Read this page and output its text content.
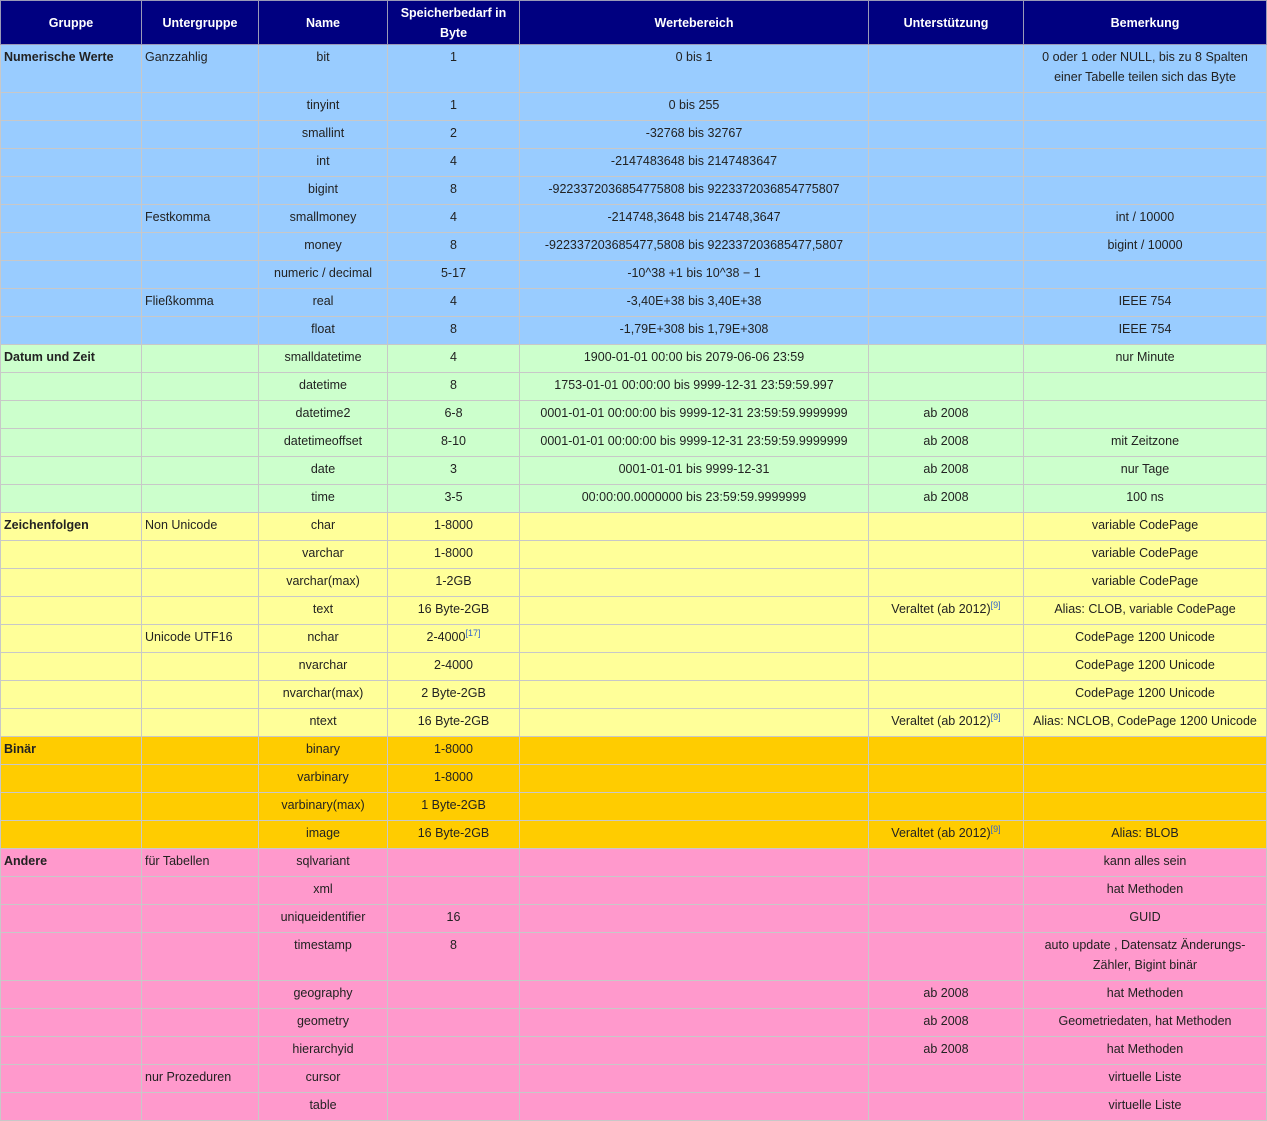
Gruppe	Untergruppe	Name	Speicherbedarf in Byte	Wertebereich	Unterstützung	Bemerkung
Numerische Werte	Ganzzahlig	bit	1	0 bis 1		0 oder 1 oder NULL, bis zu 8 Spalten einer Tabelle teilen sich das Byte
		tinyint	1	0 bis 255		
		smallint	2	-32768 bis 32767		
		int	4	-2147483648 bis 2147483647		
		bigint	8	-9223372036854775808 bis 9223372036854775807		
	Festkomma	smallmoney	4	-214748,3648 bis 214748,3647		int / 10000
		money	8	-922337203685477,5808 bis 922337203685477,5807		bigint / 10000
		numeric / decimal	5-17	-10^38 +1 bis 10^38 − 1		
	Fließkomma	real	4	-3,40E+38 bis 3,40E+38		IEEE 754
		float	8	-1,79E+308 bis 1,79E+308		IEEE 754
Datum und Zeit		smalldatetime	4	1900-01-01 00:00 bis 2079-06-06 23:59		nur Minute
		datetime	8	1753-01-01 00:00:00 bis 9999-12-31 23:59:59.997		
		datetime2	6-8	0001-01-01 00:00:00 bis 9999-12-31 23:59:59.9999999	ab 2008	
		datetimeoffset	8-10	0001-01-01 00:00:00 bis 9999-12-31 23:59:59.9999999	ab 2008	mit Zeitzone
		date	3	0001-01-01 bis 9999-12-31	ab 2008	nur Tage
		time	3-5	00:00:00.0000000 bis 23:59:59.9999999	ab 2008	100 ns
Zeichenfolgen	Non Unicode	char	1-8000			variable CodePage
		varchar	1-8000			variable CodePage
		varchar(max)	1-2GB			variable CodePage
		text	16 Byte-2GB		Veraltet (ab 2012)[9]	Alias: CLOB, variable CodePage
	Unicode UTF16	nchar	2-4000[17]			CodePage 1200 Unicode
		nvarchar	2-4000			CodePage 1200 Unicode
		nvarchar(max)	2 Byte-2GB			CodePage 1200 Unicode
		ntext	16 Byte-2GB		Veraltet (ab 2012)[9]	Alias: NCLOB, CodePage 1200 Unicode
Binär		binary	1-8000			
		varbinary	1-8000			
		varbinary(max)	1 Byte-2GB			
		image	16 Byte-2GB		Veraltet (ab 2012)[9]	Alias: BLOB
Andere	für Tabellen	sqlvariant				kann alles sein
		xml				hat Methoden
		uniqueidentifier	16			GUID
		timestamp	8			auto update , Datensatz Änderungs-Zähler, Bigint binär
		geography			ab 2008	hat Methoden
		geometry			ab 2008	Geometriedaten, hat Methoden
		hierarchyid			ab 2008	hat Methoden
	nur Prozeduren	cursor				virtuelle Liste
		table				virtuelle Liste
